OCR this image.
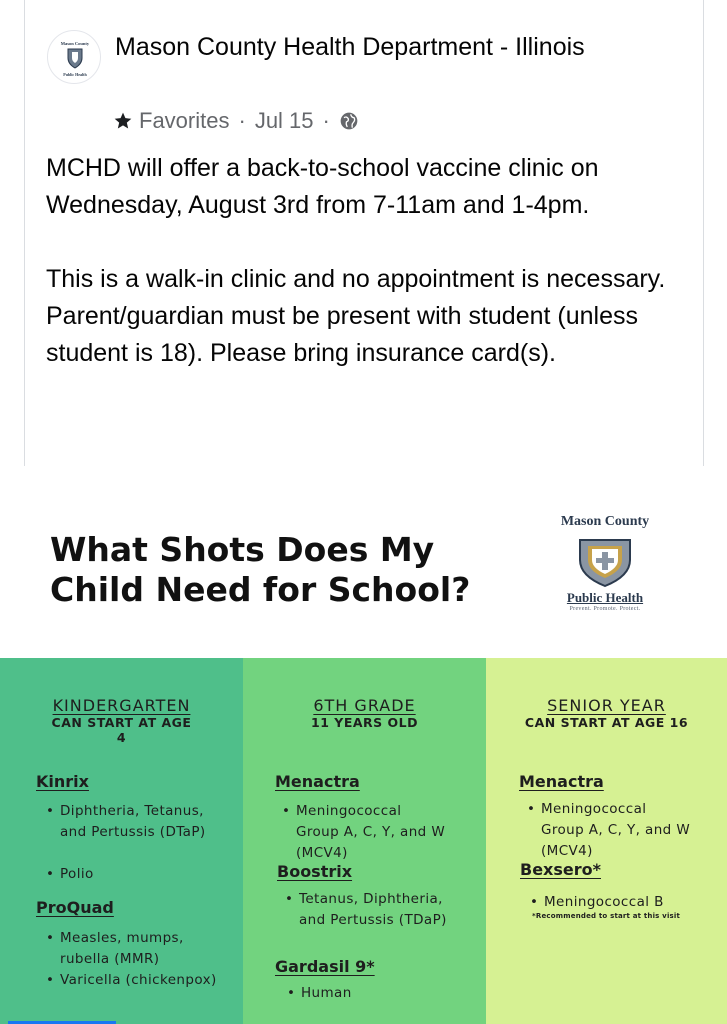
Mason County
Public Health
Mason County Health Department - Illinois
Favorites · Jul 15 ·

MCHD will offer a back-to-school vaccine clinic on Wednesday, August 3rd from 7-11am and 1-4pm.

This is a walk-in clinic and no appointment is necessary. Parent/guardian must be present with student (unless student is 18). Please bring insurance card(s).

What Shots Does My Child Need for School?
Mason County
Public Health
Prevent. Promote. Protect.
KINDERGARTEN
CAN START AT AGE 4
Kinrix
• Diphtheria, Tetanus, and Pertussis (DTaP)
• Polio
ProQuad
• Measles, mumps, rubella (MMR)
• Varicella (chickenpox)
6TH GRADE
11 YEARS OLD
Menactra
• Meningococcal Group A, C, Y, and W (MCV4)
Boostrix
• Tetanus, Diphtheria, and Pertussis (TDaP)
Gardasil 9*
• Human
SENIOR YEAR
CAN START AT AGE 16
Menactra
• Meningococcal Group A, C, Y, and W (MCV4)
Bexsero*
• Meningococcal B
*Recommended to start at this visit
